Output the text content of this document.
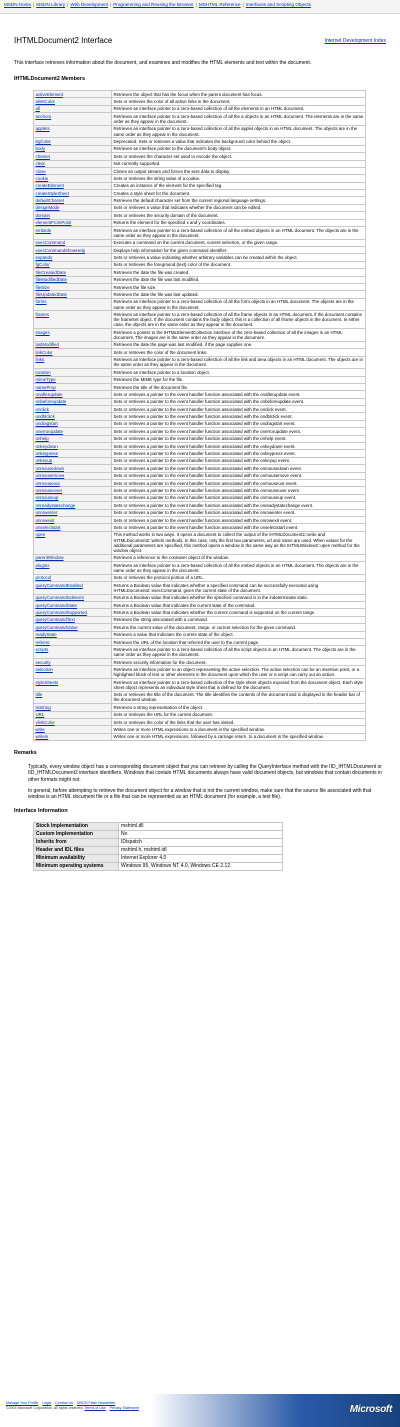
MSDN Home | MSDN Library | Web Development | Programming and Reusing the Browser | MSHTML Reference | Interfaces and Scripting Objects
IHTMLDocument2 Interface	Internet Development Index
This interface retrieves information about the document, and examines and modifies the HTML elements and text within the document.
IHTMLDocument2 Members
activeElement	Retrieves the object that has the focus when the parent document has focus.
alinkColor	Sets or retrieves the color of all active links in the document.
all	Retrieves an interface pointer to a zero-based collection of all the elements in an HTML document.
anchors	Retrieves an interface pointer to a zero-based collection of all the a objects in an HTML document. The elements are in the same order as they appear in the document.
applets	Retrieves an interface pointer to a zero-based collection of all the applet objects in an HTML document. The objects are in the same order as they appear in the document.
bgColor	Deprecated. Sets or retrieves a value that indicates the background color behind the object.
body	Retrieves an interface pointer to the document's body object.
charset	Sets or retrieves the character set used to encode the object.
clear	Not currently supported.
close	Closes an output stream and forces the sent data to display.
cookie	Sets or retrieves the string value of a cookie.
createElement	Creates an instance of the element for the specified tag.
createStyleSheet	Creates a style sheet for the document.
defaultCharset	Retrieves the default character set from the current regional language settings.
designMode	Sets or retrieves a value that indicates whether the document can be edited.
domain	Sets or retrieves the security domain of the document.
elementFromPoint	Returns the element for the specified x and y coordinates.
embeds	Retrieves an interface pointer to a zero-based collection of all the embed objects in an HTML document. The objects are in the same order as they appear in the document.
execCommand	Executes a command on the current document, current selection, or the given range.
execCommandShowHelp	Displays help information for the given command identifier.
expando	Sets or retrieves a value indicating whether arbitrary variables can be created within the object.
fgColor	Sets or retrieves the foreground (text) color of the document.
fileCreatedDate	Retrieves the date the file was created.
fileModifiedDate	Retrieves the date the file was last modified.
fileSize	Retrieves the file size.
fileUpdatedDate	Retrieves the date the file was last updated.
forms	Retrieves an interface pointer to a zero-based collection of all the form objects in an HTML document. The objects are in the same order as they appear in the document.
frames	Retrieves an interface pointer to a zero-based collection of all the frame objects in an HTML document, if the document contains the frameSet object. If the document contains the body object, this is a collection of all iframe objects in the document. In either case, the objects are in the same order as they appear in the document.
images	Retrieves a pointer to the IHTMLElementCollection interface of the zero-based collection of all the images in an HTML document. The images are in the same order as they appear in the document.
lastModified	Retrieves the date the page was last modified, if the page supplies one.
linkColor	Sets or retrieves the color of the document links.
links	Retrieves an interface pointer to a zero-based collection of all the link and area objects in an HTML document. The objects are in the same order as they appear in the document.
location	Retrieves an interface pointer to a location object.
mimeType	Retrieves the MIME type for the file.
nameProp	Retrieves the title of the document file.
onafterupdate	Sets or retrieves a pointer to the event handler function associated with the onafterupdate event.
onbeforeupdate	Sets or retrieves a pointer to the event handler function associated with the onbeforeupdate event.
onclick	Sets or retrieves a pointer to the event handler function associated with the onclick event.
ondblclick	Sets or retrieves a pointer to the event handler function associated with the ondblclick event.
ondragstart	Sets or retrieves a pointer to the event handler function associated with the ondragstart event.
onerrorupdate	Sets or retrieves a pointer to the event handler function associated with the onerrorupdate event.
onhelp	Sets or retrieves a pointer to the event handler function associated with the onhelp event.
onkeydown	Sets or retrieves a pointer to the event handler function associated with the onkeydown event.
onkeypress	Sets or retrieves a pointer to the event handler function associated with the onkeypress event.
onkeyup	Sets or retrieves a pointer to the event handler function associated with the onkeyup event.
onmousedown	Sets or retrieves a pointer to the event handler function associated with the onmousedown event.
onmousemove	Sets or retrieves a pointer to the event handler function associated with the onmousemove event.
onmouseout	Sets or retrieves a pointer to the event handler function associated with the onmouseout event.
onmouseover	Sets or retrieves a pointer to the event handler function associated with the onmouseover event.
onmouseup	Sets or retrieves a pointer to the event handler function associated with the onmouseup event.
onreadystatechange	Sets or retrieves a pointer to the event handler function associated with the onreadystatechange event.
onrowenter	Sets or retrieves a pointer to the event handler function associated with the onrowenter event.
onrowexit	Sets or retrieves a pointer to the event handler function associated with the onrowexit event.
onselectstart	Sets or retrieves a pointer to the event handler function associated with the onselectstart event.
open	This method works in two ways. It opens a document to collect the output of the IHTMLDocument2::write and IHTMLDocument2::writeln methods. In this case, only the first two parameters, url and name are used. When values for the additional parameters are specified, this method opens a window in the same way as the IHTMLWindow2::open method for the window object.
parentWindow	Retrieves a reference to the container object of the window.
plugins	Retrieves an interface pointer to a zero-based collection of all the embed objects in an HTML document. The objects are in the same order as they appear in the document.
protocol	Sets or retrieves the protocol portion of a URL.
queryCommandEnabled	Returns a Boolean value that indicates whether a specified command can be successfully executed using IHTMLDocument2::execCommand, given the current state of the document.
queryCommandIndeterm	Returns a Boolean value that indicates whether the specified command is in the indeterminate state.
queryCommandState	Returns a Boolean value that indicates the current state of the command.
queryCommandSupported	Returns a Boolean value that indicates whether the current command is supported on the current range.
queryCommandText	Retrieves the string associated with a command.
queryCommandValue	Returns the current value of the document, range, or current selection for the given command.
readyState	Retrieves a value that indicates the current state of the object.
referrer	Retrieves the URL of the location that referred the user to the current page.
scripts	Retrieves an interface pointer to a zero-based collection of all the script objects in an HTML document. The objects are in the same order as they appear in the document.
security	Retrieves security information for the document.
selection	Retrieves an interface pointer to an object representing the active selection. The active selection can be an insertion point, or a highlighted block of text or other elements in the document upon which the user or a script can carry out an action.
styleSheets	Retrieves an interface pointer to a zero-based collection of the style sheet objects exposed from the document object. Each style sheet object represents an individual style sheet that is defined for the document.
title	Sets or retrieves the title of the document. The title identifies the contents of the document and is displayed in the header bar of the document window.
toString	Retrieves a string representation of the object.
URL	Sets or retrieves the URL for the current document.
vlinkColor	Sets or retrieves the color of the links that the user has visited.
write	Writes one or more HTML expressions to a document in the specified window.
writeln	Writes one or more HTML expressions, followed by a carriage return, to a document in the specified window.
Remarks

Typically, every window object has a corresponding document object that you can retrieve by calling the QueryInterface method with the IID_IHTMLDocument or IID_IHTMLDocument2 interface identifiers. Windows that contain HTML documents always have valid document objects, but windows that contain documents in other formats might not.

In general, before attempting to retrieve the document object for a window that is not the current window, make sure that the source file associated with that window is an HTML document file or a file that can be represented as an HTML document (for example, a text file).

Interface Information
Stock Implementation	mshtml.dll
Custom Implementation	No
Inherits from	IDispatch
Header and IDL files	mshtml.h, mshtml.idl
Minimum availability	Internet Explorer 4.0
Minimum operating systems	Windows 95, Windows NT 4.0, Windows CE 2.12
Manage Your Profile Legal Contact Us MSDN Flash Newsletter
©2004 Microsoft Corporation. All rights reserved. Terms of Use Privacy Statement	Microsoft
